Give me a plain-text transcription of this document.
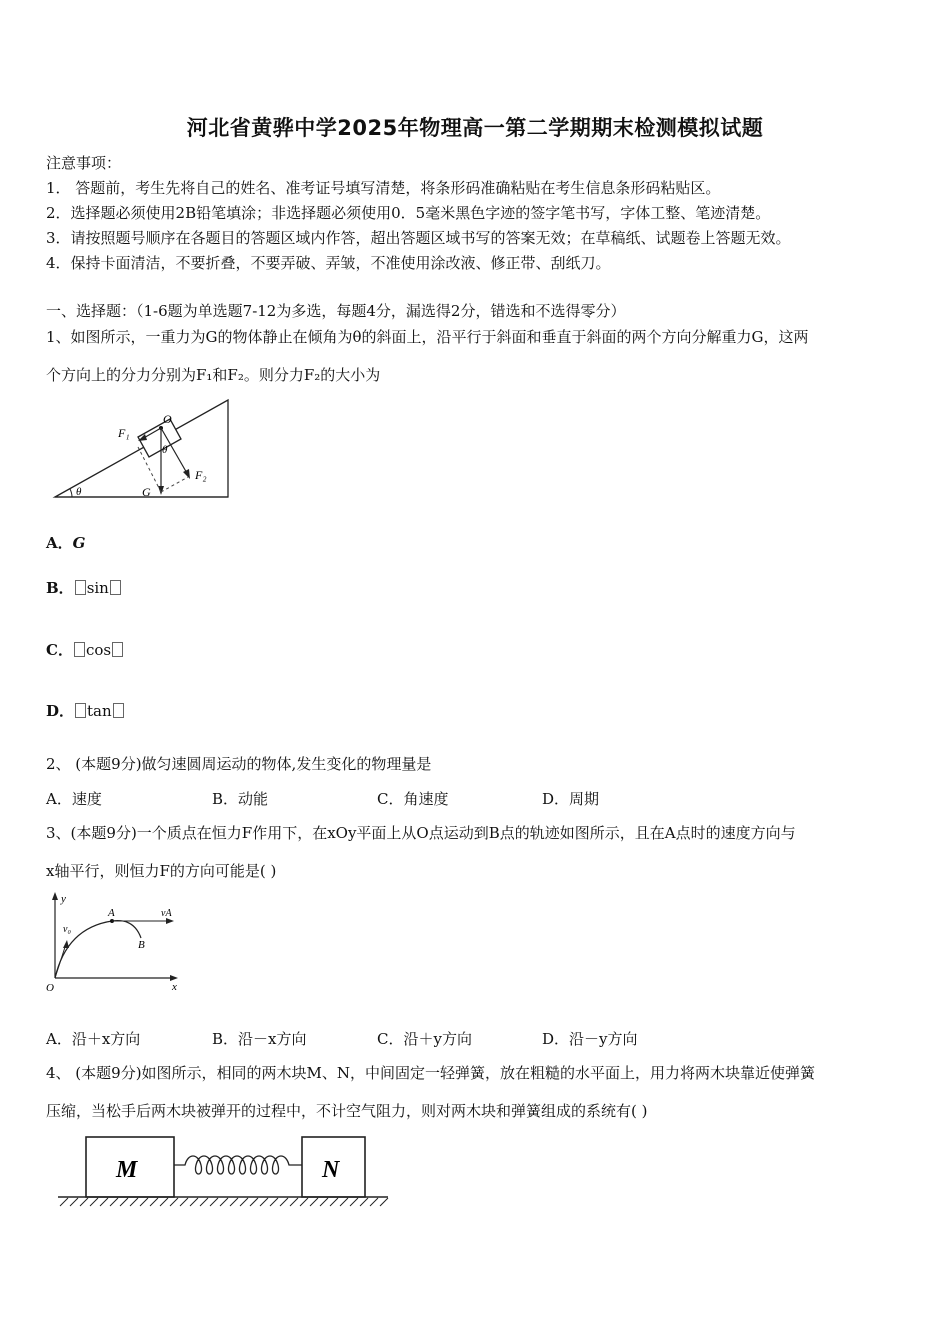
河北省黄骅中学2025年物理高一第二学期期末检测模拟试题
注意事项：
1． 答题前，考生先将自己的姓名、准考证号填写清楚，将条形码准确粘贴在考生信息条形码粘贴区。
2．选择题必须使用2B铅笔填涂；非选择题必须使用0．5毫米黑色字迹的签字笔书写，字体工整、笔迹清楚。
3．请按照题号顺序在各题目的答题区域内作答，超出答题区域书写的答案无效；在草稿纸、试题卷上答题无效。
4．保持卡面清洁，不要折叠，不要弄破、弄皱，不准使用涂改液、修正带、刮纸刀。
一、选择题：（1-6题为单选题7-12为多选，每题4分，漏选得2分，错选和不选得零分）
1、如图所示，一重力为G的物体静止在倾角为θ的斜面上，沿平行于斜面和垂直于斜面的两个方向分解重力G，这两
个方向上的分力分别为F₁和F₂。则分力F₂的大小为
θ
O
G
F₂
F₁
θ
A．G
B． sin
C． cos
D． tan
2、 (本题9分)做匀速圆周运动的物体,发生变化的物理量是
A．速度	B．动能	C．角速度	D．周期
3、(本题9分)一个质点在恒力F作用下，在xOy平面上从O点运动到B点的轨迹如图所示，且在A点时的速度方向与
x轴平行，则恒力F的方向可能是( )
y
x
O
A
B
vA
v₀
A．沿＋x方向	B．沿－x方向	C．沿＋y方向	D．沿－y方向
4、 (本题9分)如图所示，相同的两木块M、N，中间固定一轻弹簧，放在粗糙的水平面上，用力将两木块靠近使弹簧
压缩，当松手后两木块被弹开的过程中，不计空气阻力，则对两木块和弹簧组成的系统有( )
M	N
